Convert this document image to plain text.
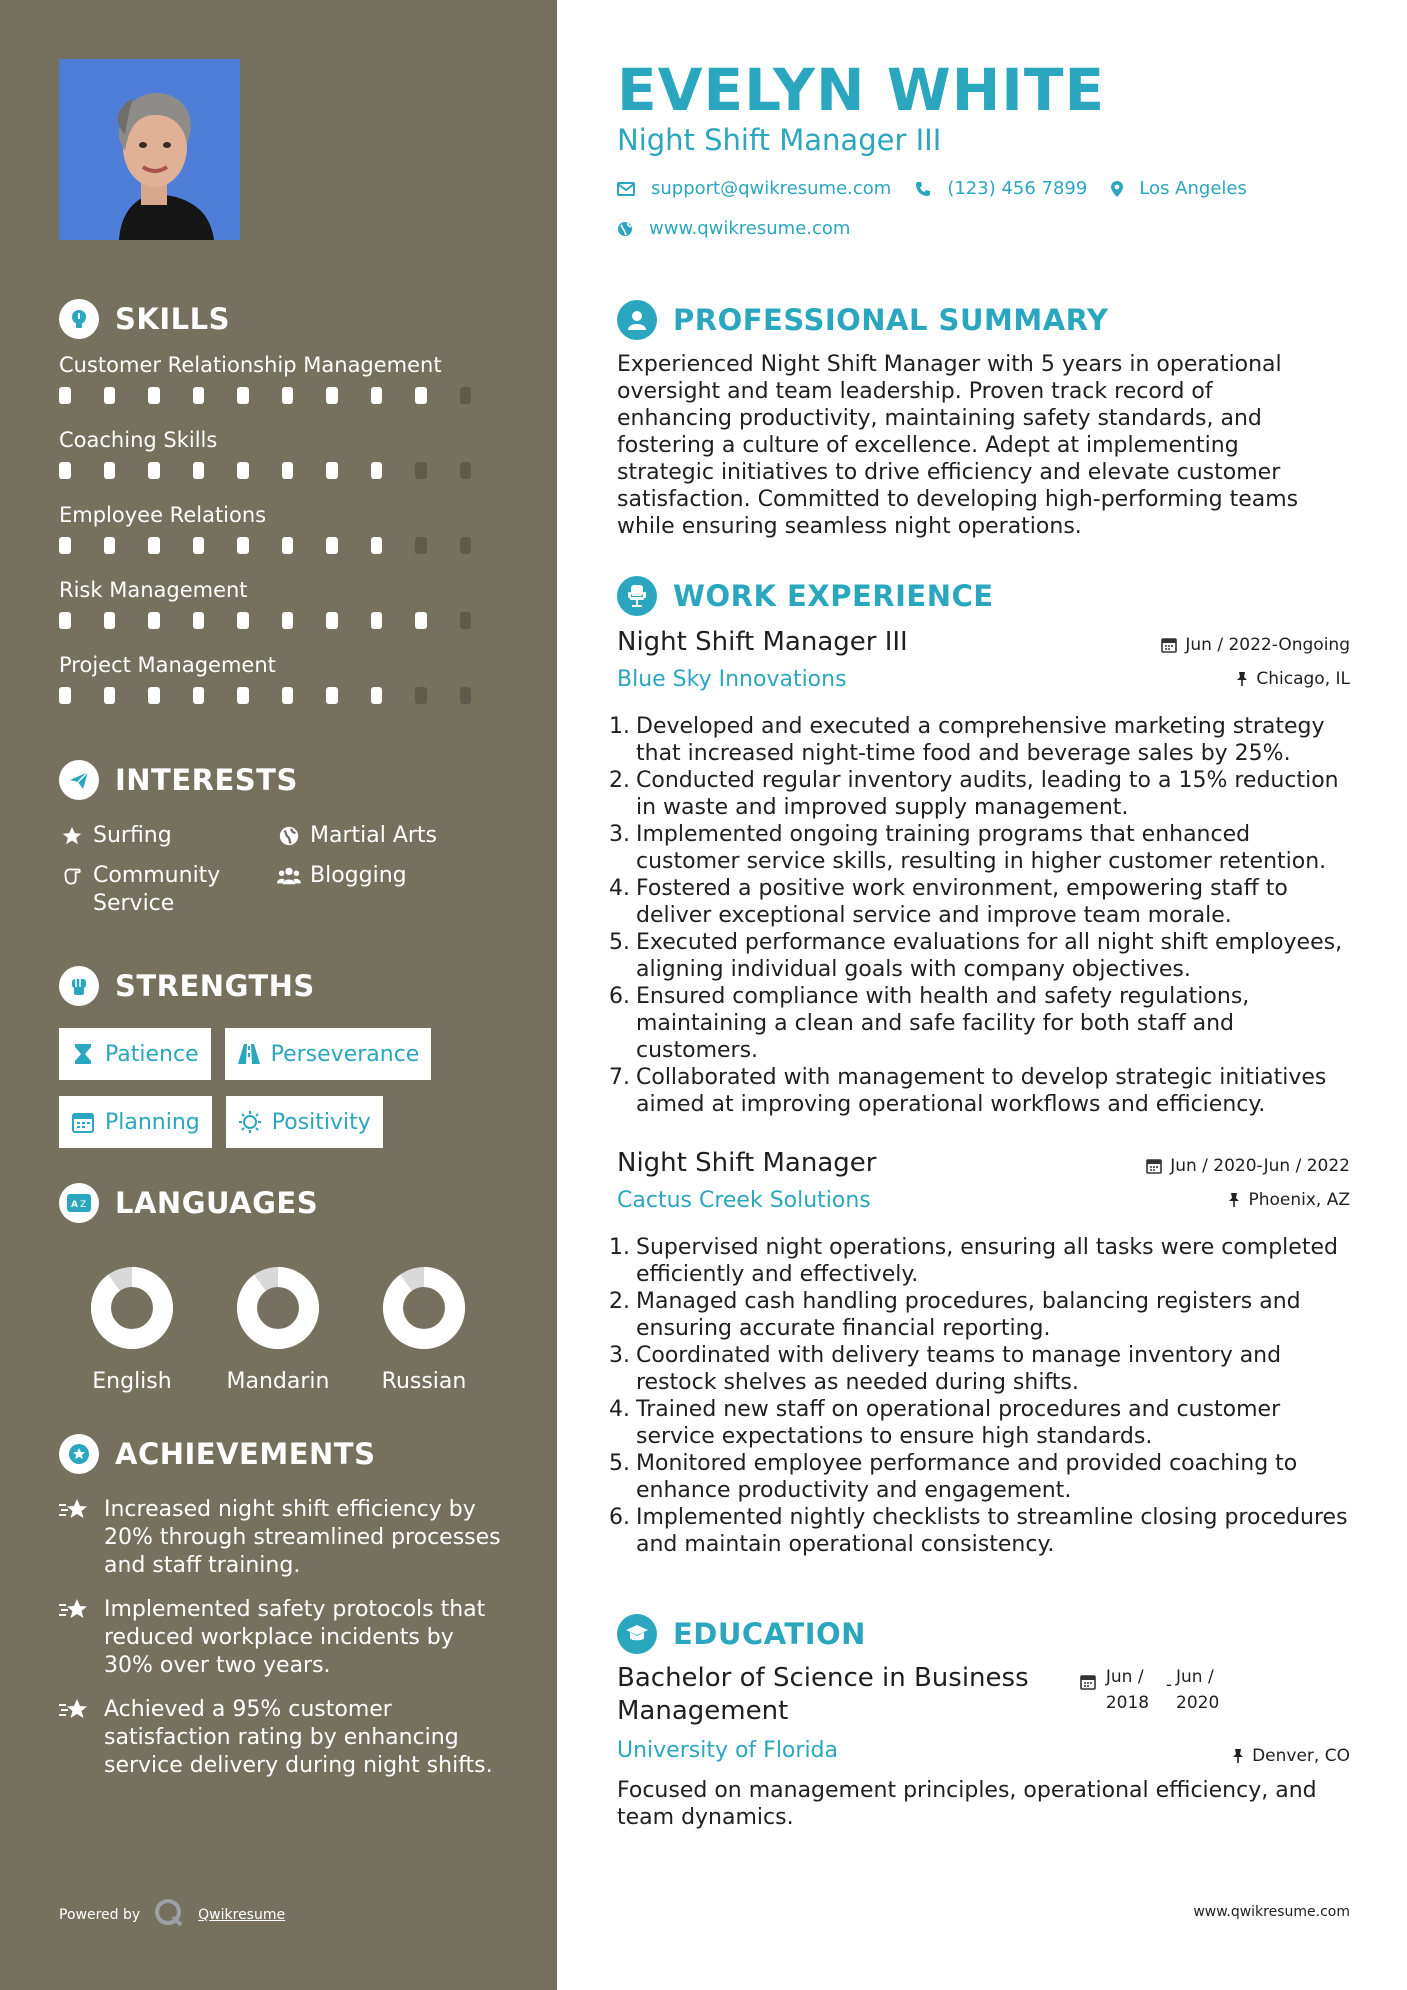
SKILLS
Customer Relationship Management
Coaching Skills
Employee Relations
Risk Management
Project Management
INTERESTS
Surfing	Martial Arts
Community Service
Blogging
STRENGTHS
Patience	Perseverance
Planning	Positivity
A Z LANGUAGES
English Mandarin Russian
ACHIEVEMENTS
Increased night shift efficiency by 20% through streamlined processes and staff training.
Implemented safety protocols that reduced workplace incidents by 30% over two years.
Achieved a 95% customer satisfaction rating by enhancing service delivery during night shifts.
Powered by	Qwikresume
EVELYN WHITE
Night Shift Manager III
support@qwikresume.com	(123) 456 7899	Los Angeles
www.qwikresume.com
PROFESSIONAL SUMMARY
Experienced Night Shift Manager with 5 years in operational oversight and team leadership. Proven track record of enhancing productivity, maintaining safety standards, and fostering a culture of excellence. Adept at implementing strategic initiatives to drive efficiency and elevate customer satisfaction. Committed to developing high-performing teams while ensuring seamless night operations.
WORK EXPERIENCE
Night Shift Manager III
Blue Sky Innovations
Jun / 2022-Ongoing
Chicago, IL
Developed and executed a comprehensive marketing strategy that increased night-time food and beverage sales by 25%.
Conducted regular inventory audits, leading to a 15% reduction in waste and improved supply management.
Implemented ongoing training programs that enhanced customer service skills, resulting in higher customer retention.
Fostered a positive work environment, empowering staff to deliver exceptional service and improve team morale.
Executed performance evaluations for all night shift employees, aligning individual goals with company objectives.
Ensured compliance with health and safety regulations, maintaining a clean and safe facility for both staff and customers.
Collaborated with management to develop strategic initiatives aimed at improving operational workflows and efficiency.
Night Shift Manager
Cactus Creek Solutions
Jun / 2020-Jun / 2022
Phoenix, AZ
Supervised night operations, ensuring all tasks were completed efficiently and effectively.
Managed cash handling procedures, balancing registers and ensuring accurate financial reporting.
Coordinated with delivery teams to manage inventory and restock shelves as needed during shifts.
Trained new staff on operational procedures and customer service expectations to ensure high standards.
Monitored employee performance and provided coaching to enhance productivity and engagement.
Implemented nightly checklists to streamline closing procedures and maintain operational consistency.
EDUCATION
Bachelor of Science in Business Management
Jun /
2018
- Jun /
2020
Denver, CO
University of Florida
Focused on management principles, operational efficiency, and team dynamics.
www.qwikresume.com
